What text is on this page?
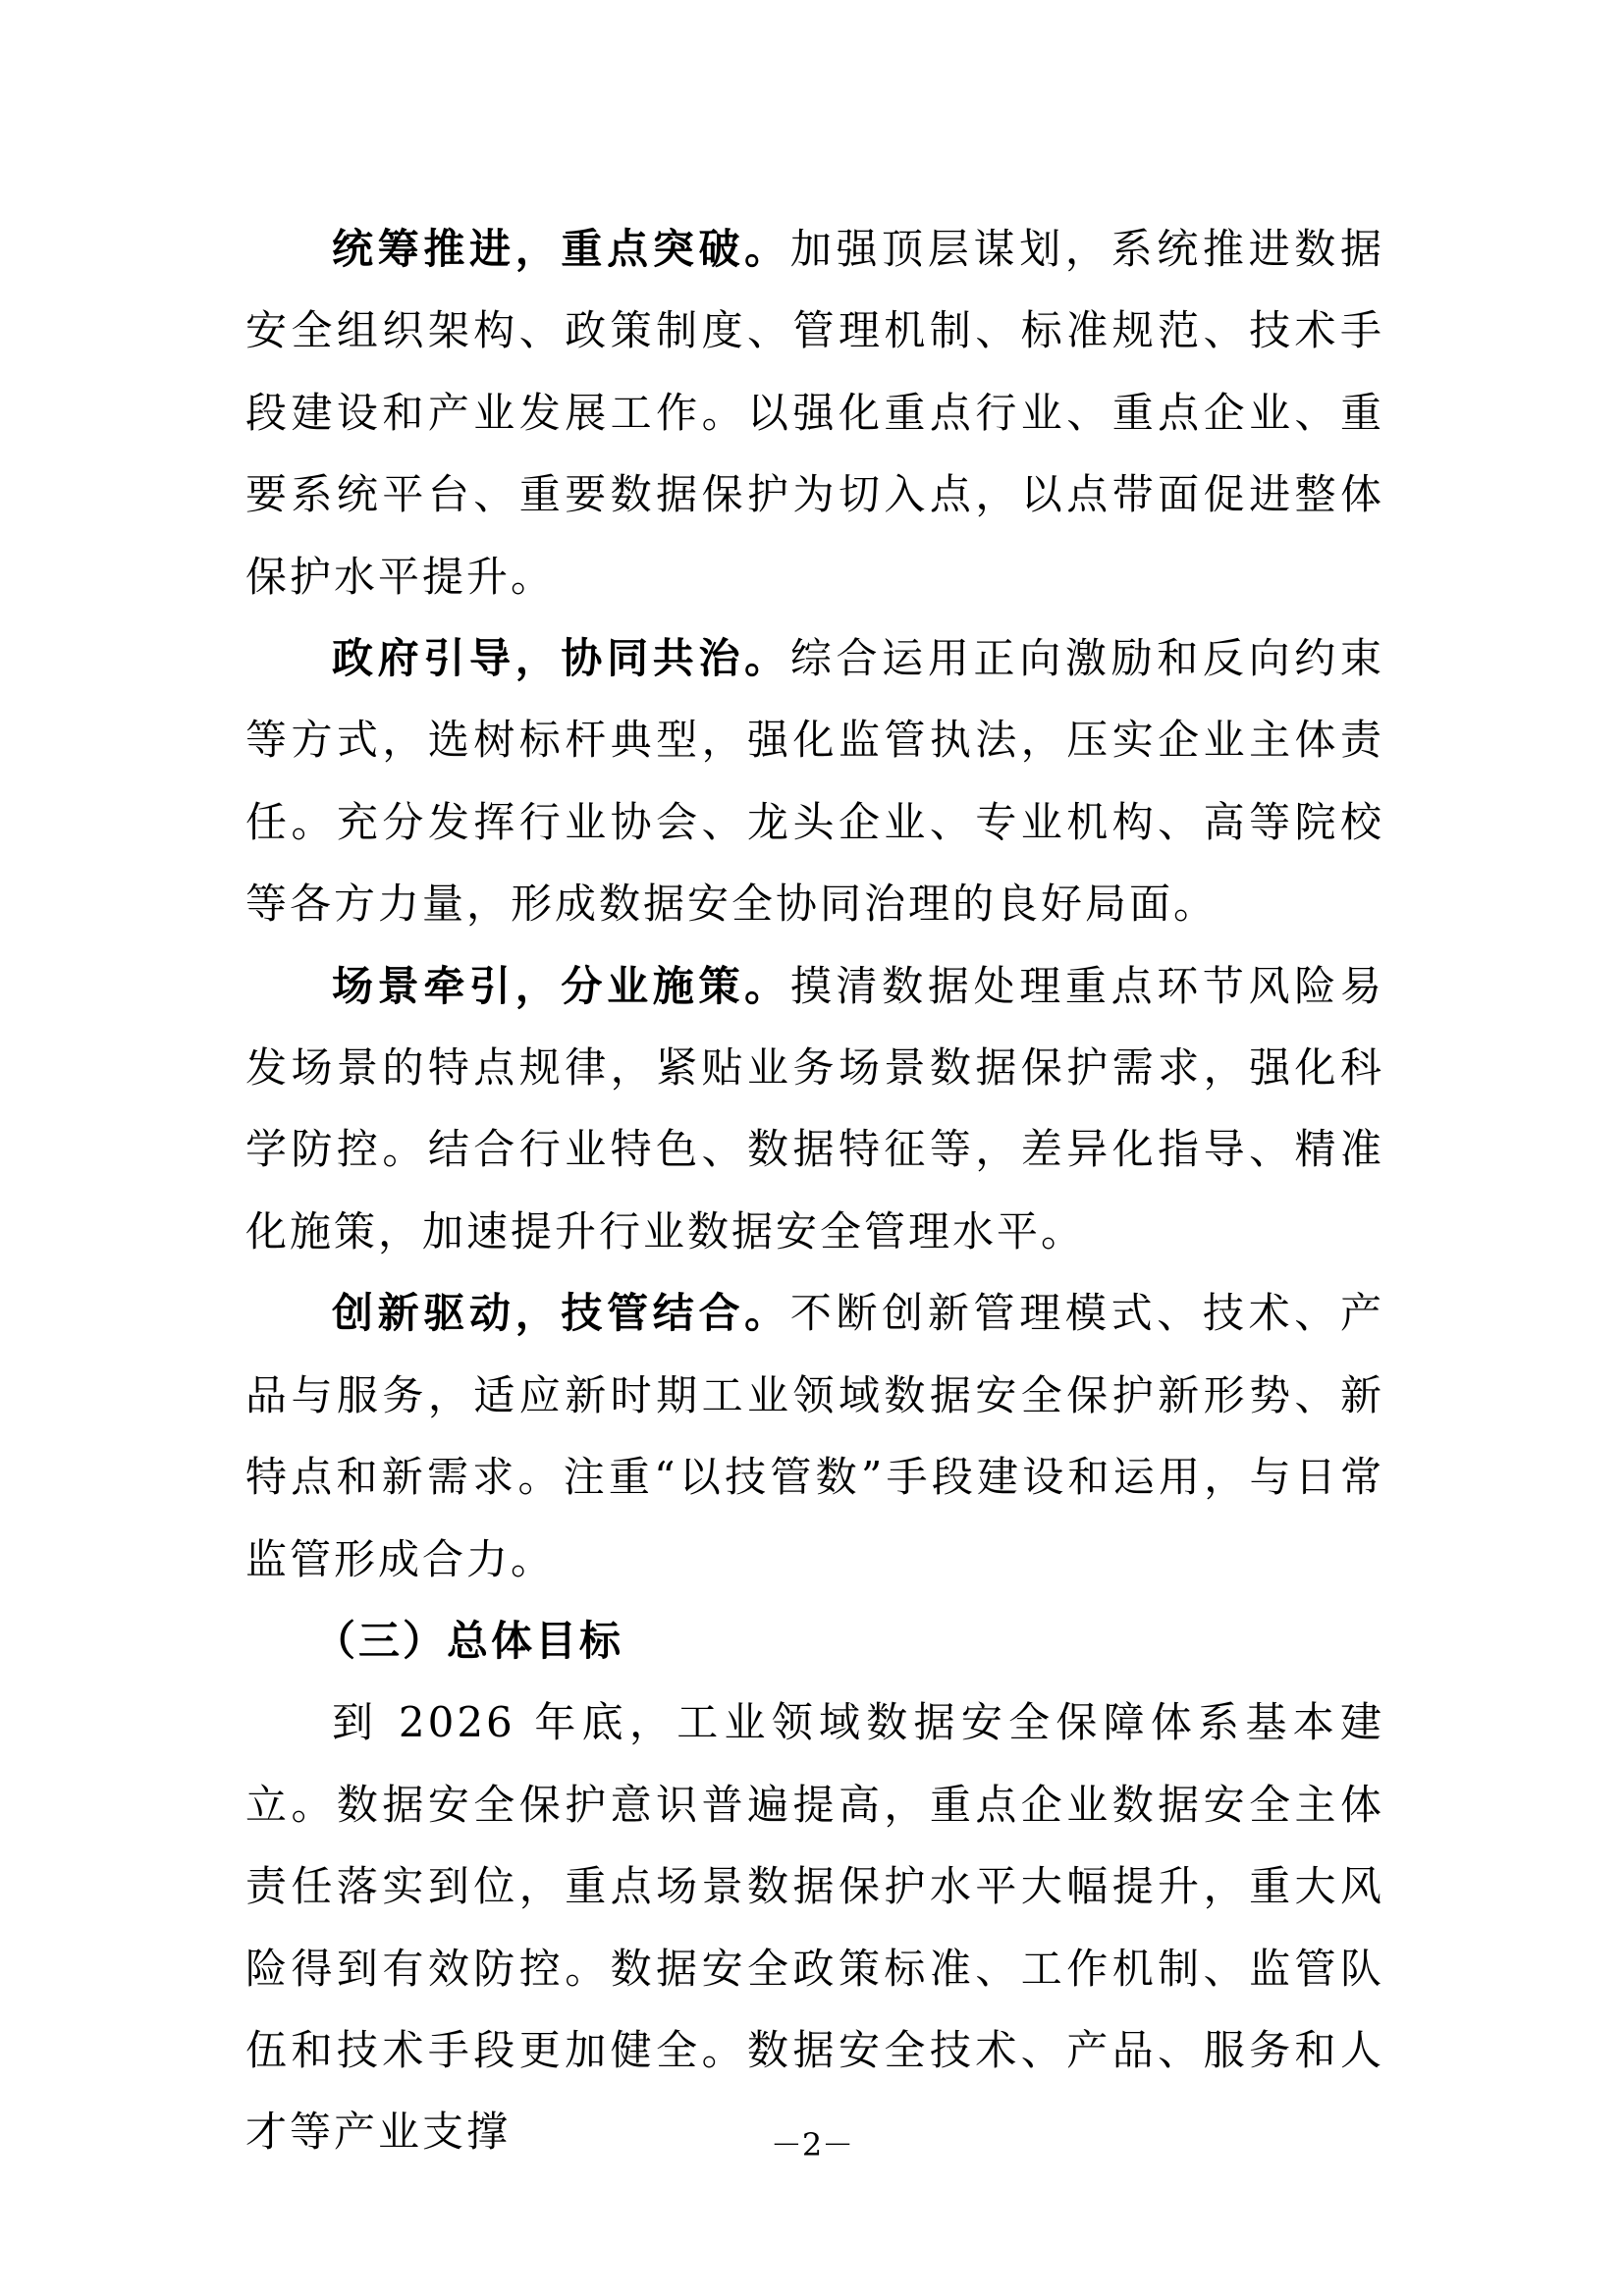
统筹推进，重点突破。加强顶层谋划，系统推进数据安全组织架构、政策制度、管理机制、标准规范、技术手段建设和产业发展工作。以强化重点行业、重点企业、重要系统平台、重要数据保护为切入点，以点带面促进整体保护水平提升。

政府引导，协同共治。综合运用正向激励和反向约束等方式，选树标杆典型，强化监管执法，压实企业主体责任。充分发挥行业协会、龙头企业、专业机构、高等院校等各方力量，形成数据安全协同治理的良好局面。

场景牵引，分业施策。摸清数据处理重点环节风险易发场景的特点规律，紧贴业务场景数据保护需求，强化科学防控。结合行业特色、数据特征等，差异化指导、精准化施策，加速提升行业数据安全管理水平。

创新驱动，技管结合。不断创新管理模式、技术、产品与服务，适应新时期工业领域数据安全保护新形势、新特点和新需求。注重“以技管数”手段建设和运用，与日常监管形成合力。

（三）总体目标

到 2026 年底，工业领域数据安全保障体系基本建立。数据安全保护意识普遍提高，重点企业数据安全主体责任落实到位，重点场景数据保护水平大幅提升，重大风险得到有效防控。数据安全政策标准、工作机制、监管队伍和技术手段更加健全。数据安全技术、产品、服务和人才等产业支撑	－2－
